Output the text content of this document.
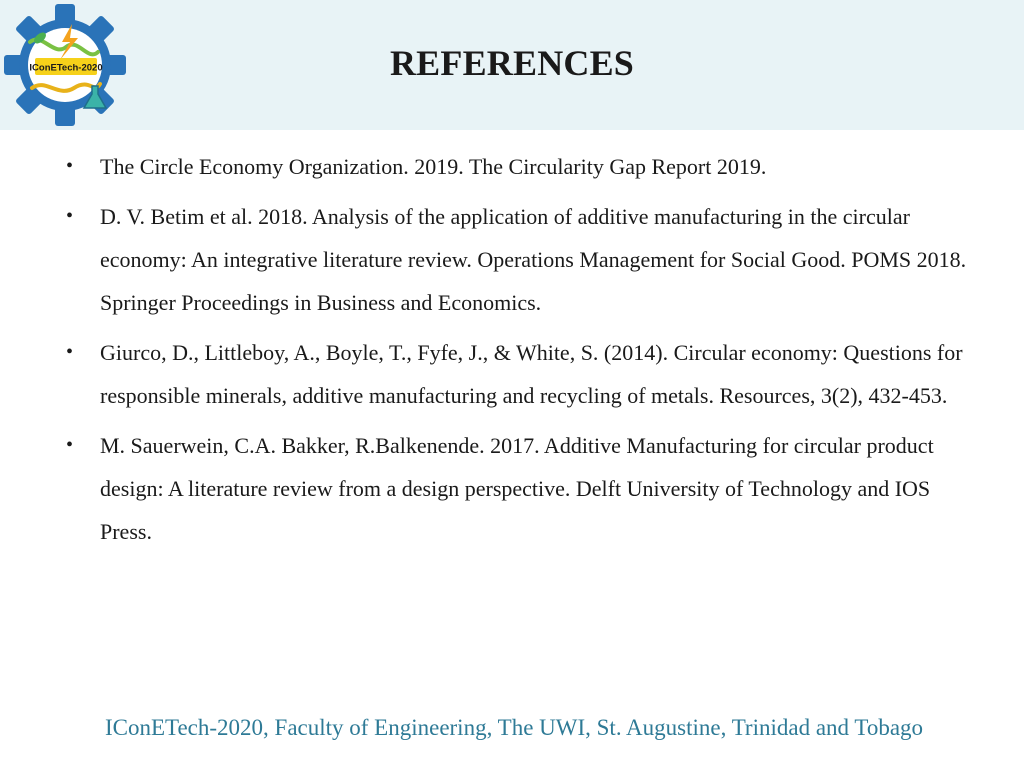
IConETech-2020	REFERENCES
• The Circle Economy Organization. 2019. The Circularity Gap Report 2019.
• D. V. Betim et al. 2018. Analysis of the application of additive manufacturing in the circular economy: An integrative literature review. Operations Management for Social Good. POMS 2018. Springer Proceedings in Business and Economics.
• Giurco, D., Littleboy, A., Boyle, T., Fyfe, J., & White, S. (2014). Circular economy: Questions for responsible minerals, additive manufacturing and recycling of metals. Resources, 3(2), 432-453.
• M. Sauerwein, C.A. Bakker, R.Balkenende. 2017. Additive Manufacturing for circular product design: A literature review from a design perspective. Delft University of Technology and IOS Press.
IConETech-2020, Faculty of Engineering, The UWI, St. Augustine, Trinidad and Tobago
